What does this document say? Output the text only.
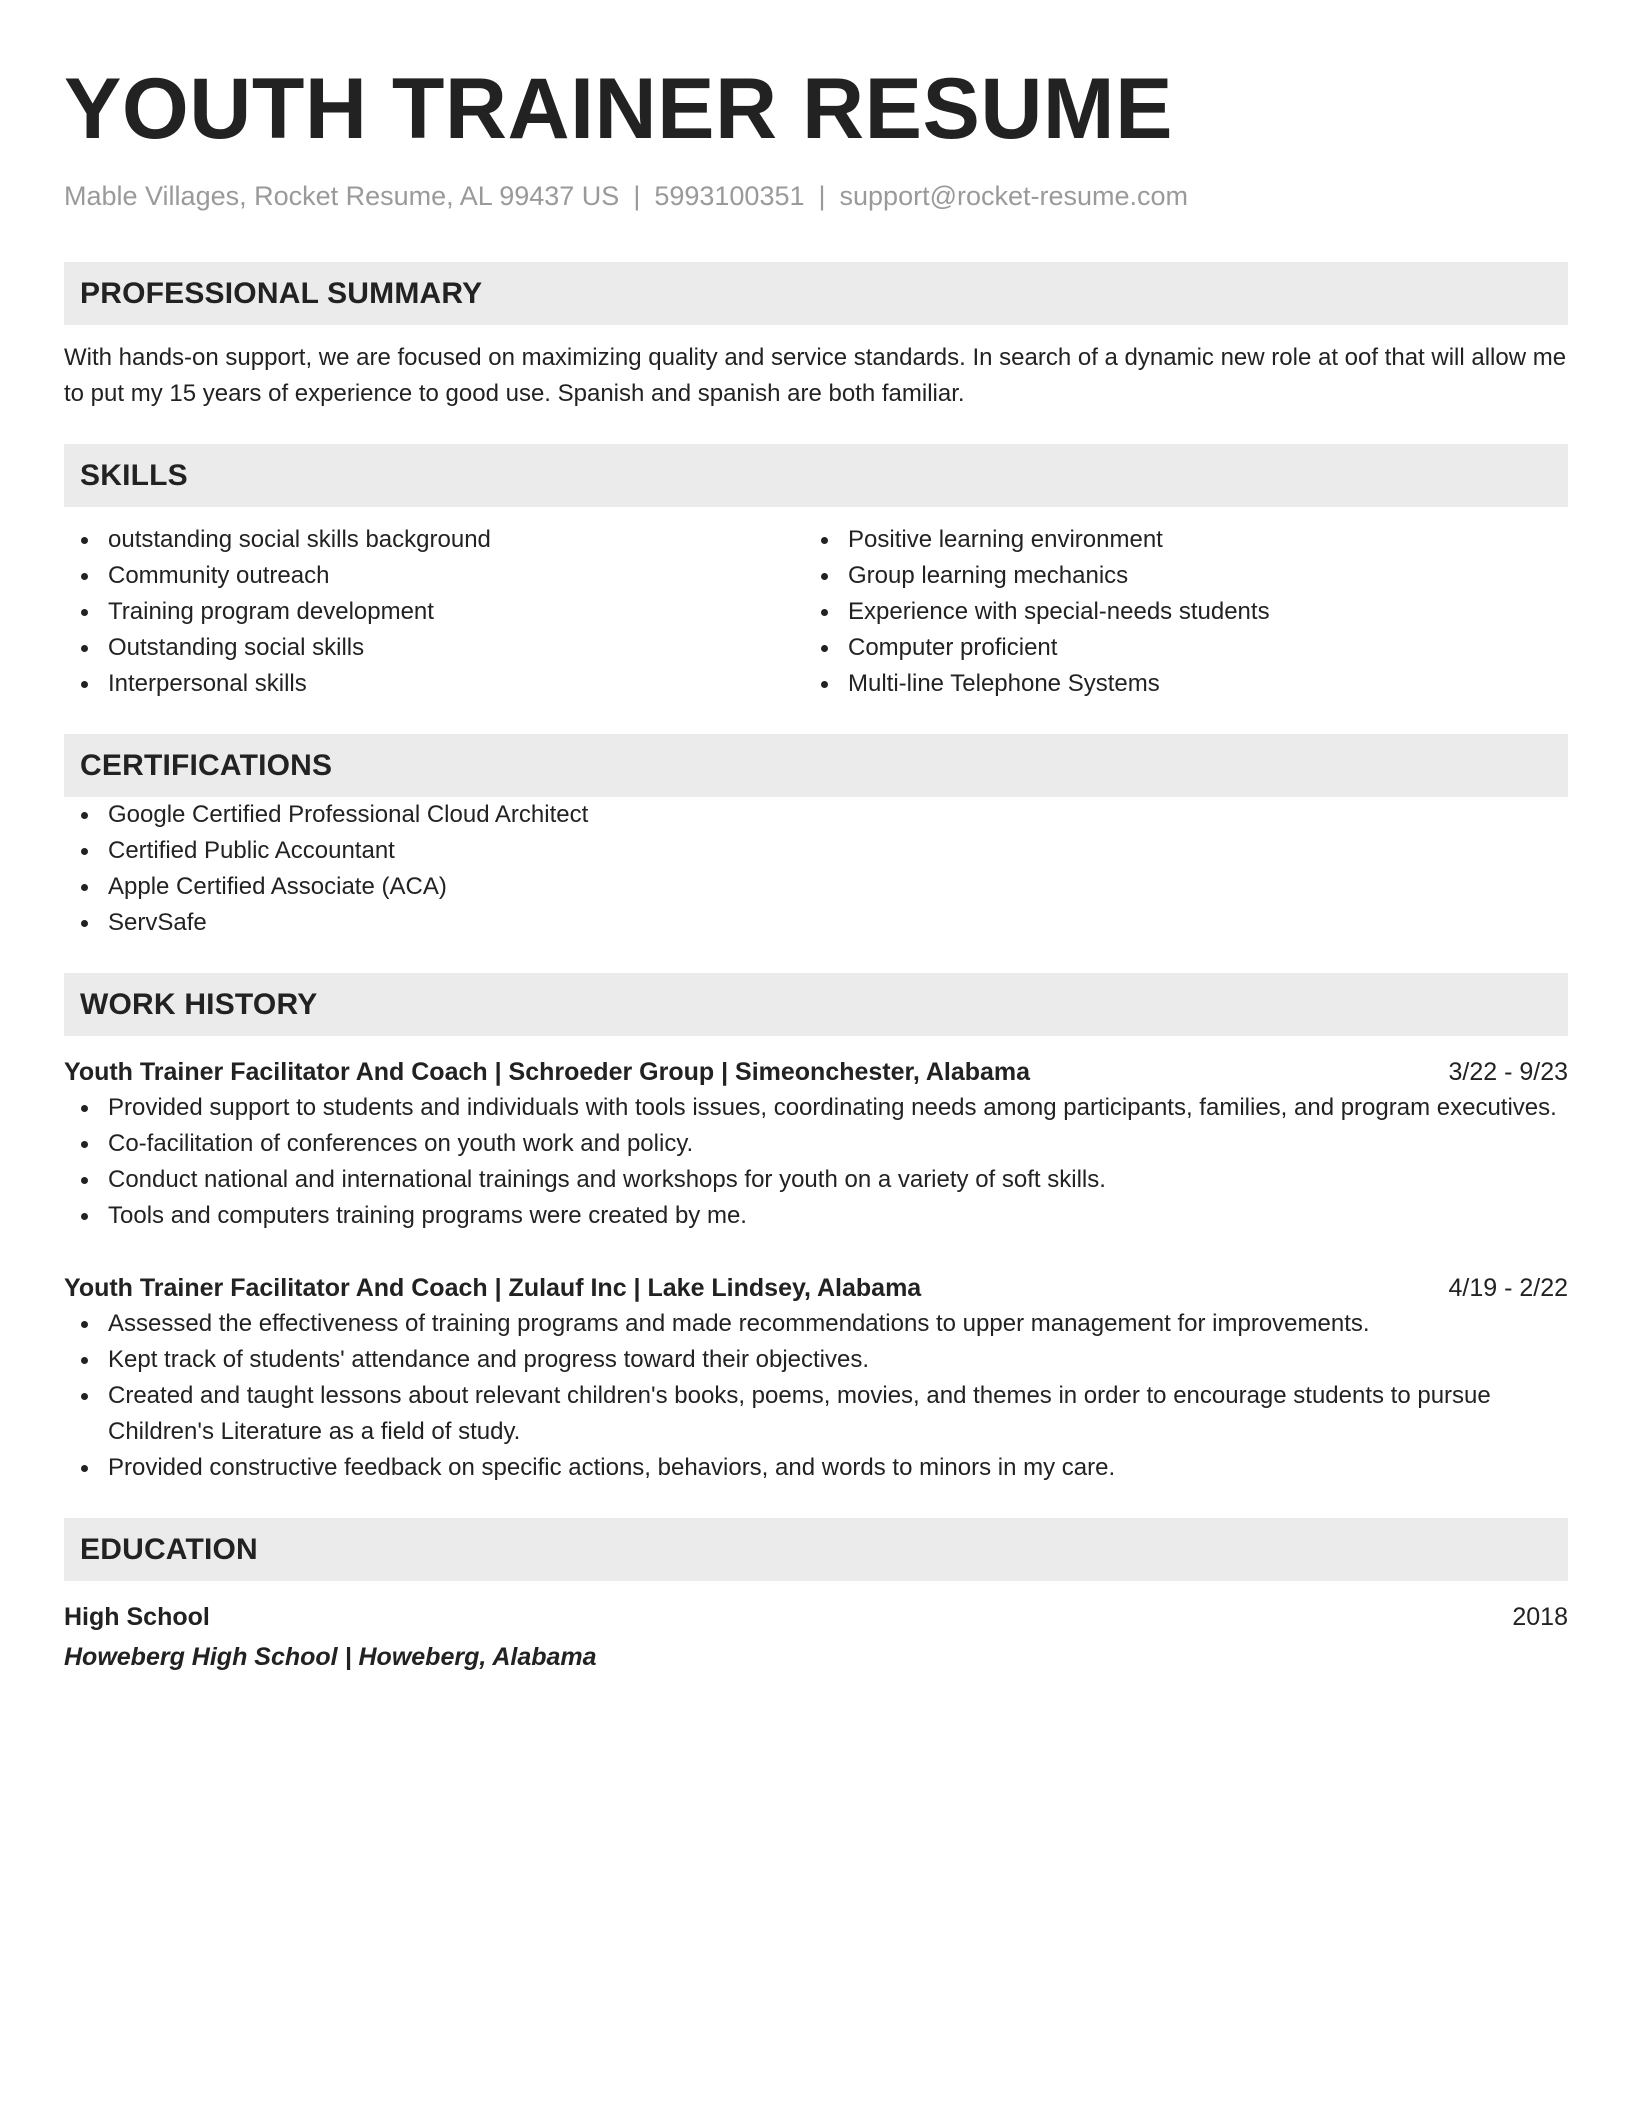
YOUTH TRAINER RESUME
Mable Villages, Rocket Resume, AL 99437 US | 5993100351 | support@rocket-resume.com
PROFESSIONAL SUMMARY

With hands-on support, we are focused on maximizing quality and service standards. In search of a dynamic new role at oof that will allow me to put my 15 years of experience to good use. Spanish and spanish are both familiar.

SKILLS
outstanding social skills background
Community outreach
Training program development
Outstanding social skills
Interpersonal skills
Positive learning environment
Group learning mechanics
Experience with special-needs students
Computer proficient
Multi-line Telephone Systems
CERTIFICATIONS
Google Certified Professional Cloud Architect
Certified Public Accountant
Apple Certified Associate (ACA)
ServSafe
WORK HISTORY
Youth Trainer Facilitator And Coach | Schroeder Group | Simeonchester, Alabama	3/22 - 9/23
Provided support to students and individuals with tools issues, coordinating needs among participants, families, and program executives.
Co-facilitation of conferences on youth work and policy.
Conduct national and international trainings and workshops for youth on a variety of soft skills.
Tools and computers training programs were created by me.
Youth Trainer Facilitator And Coach | Zulauf Inc | Lake Lindsey, Alabama	4/19 - 2/22
Assessed the effectiveness of training programs and made recommendations to upper management for improvements.
Kept track of students' attendance and progress toward their objectives.
Created and taught lessons about relevant children's books, poems, movies, and themes in order to encourage students to pursue Children's Literature as a field of study.
Provided constructive feedback on specific actions, behaviors, and words to minors in my care.
EDUCATION
High School	2018
Howeberg High School | Howeberg, Alabama
